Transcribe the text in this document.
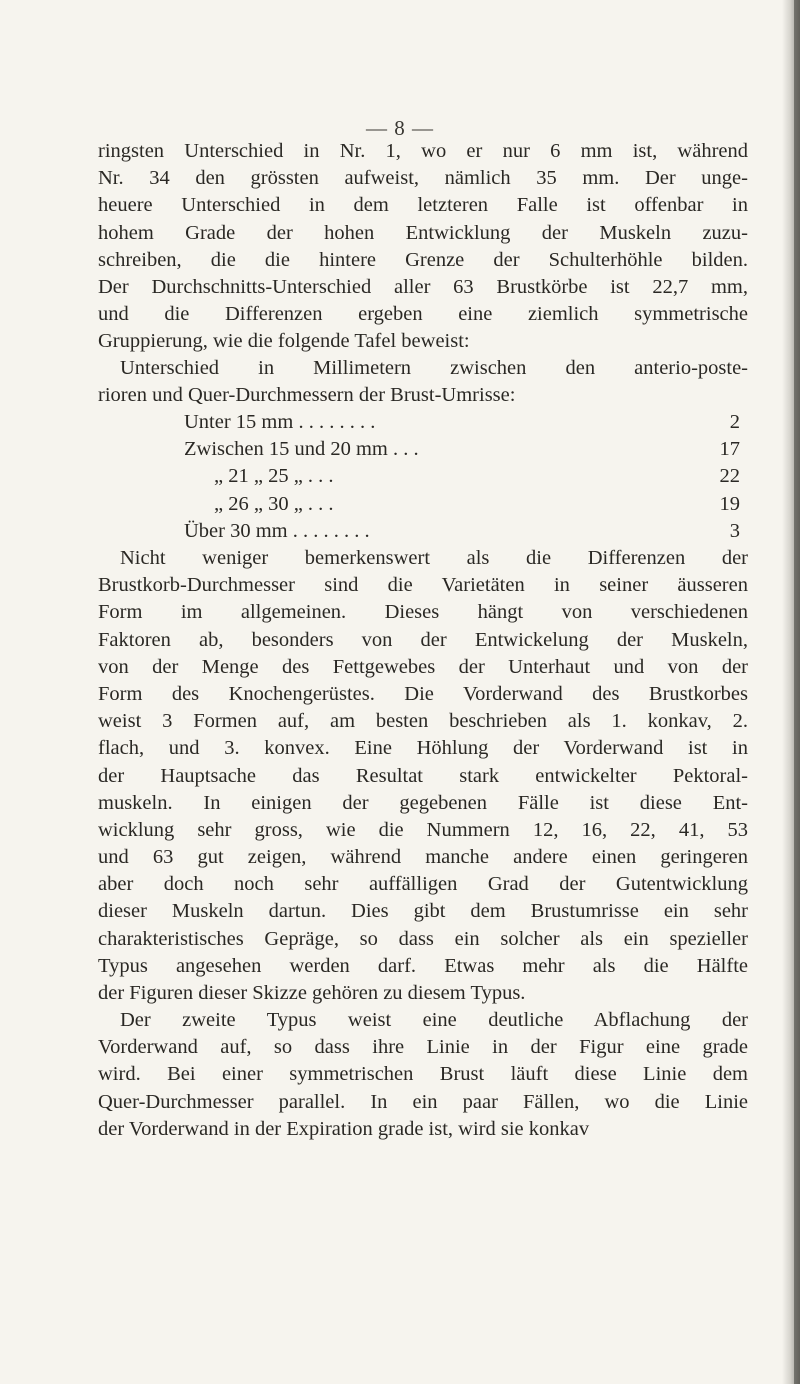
— 8 —
ringsten Unterschied in Nr. 1, wo er nur 6 mm ist, während
Nr. 34 den grössten aufweist, nämlich 35 mm. Der unge-
heuere Unterschied in dem letzteren Falle ist offenbar in
hohem Grade der hohen Entwicklung der Muskeln zuzu-
schreiben, die die hintere Grenze der Schulterhöhle bilden.
Der Durchschnitts-Unterschied aller 63 Brustkörbe ist 22,7 mm,
und die Differenzen ergeben eine ziemlich symmetrische
Gruppierung, wie die folgende Tafel beweist:
Unterschied in Millimetern zwischen den anterio-poste-
rioren und Quer-Durchmessern der Brust-Umrisse:
Unter 15 mm . . . . . . . .	2
Zwischen 15 und 20 mm . . .	17
„ 21 „ 25 „ . . .	22
„ 26 „ 30 „ . . .	19
Über 30 mm . . . . . . . .	3
Nicht weniger bemerkenswert als die Differenzen der
Brustkorb-Durchmesser sind die Varietäten in seiner äusseren
Form im allgemeinen. Dieses hängt von verschiedenen
Faktoren ab, besonders von der Entwickelung der Muskeln,
von der Menge des Fettgewebes der Unterhaut und von der
Form des Knochengerüstes. Die Vorderwand des Brustkorbes
weist 3 Formen auf, am besten beschrieben als 1. konkav, 2.
flach, und 3. konvex. Eine Höhlung der Vorderwand ist in
der Hauptsache das Resultat stark entwickelter Pektoral-
muskeln. In einigen der gegebenen Fälle ist diese Ent-
wicklung sehr gross, wie die Nummern 12, 16, 22, 41, 53
und 63 gut zeigen, während manche andere einen geringeren
aber doch noch sehr auffälligen Grad der Gutentwicklung
dieser Muskeln dartun. Dies gibt dem Brustumrisse ein sehr
charakteristisches Gepräge, so dass ein solcher als ein spezieller
Typus angesehen werden darf. Etwas mehr als die Hälfte
der Figuren dieser Skizze gehören zu diesem Typus.
Der zweite Typus weist eine deutliche Abflachung der
Vorderwand auf, so dass ihre Linie in der Figur eine grade
wird. Bei einer symmetrischen Brust läuft diese Linie dem
Quer-Durchmesser parallel. In ein paar Fällen, wo die Linie
der Vorderwand in der Expiration grade ist, wird sie konkav
